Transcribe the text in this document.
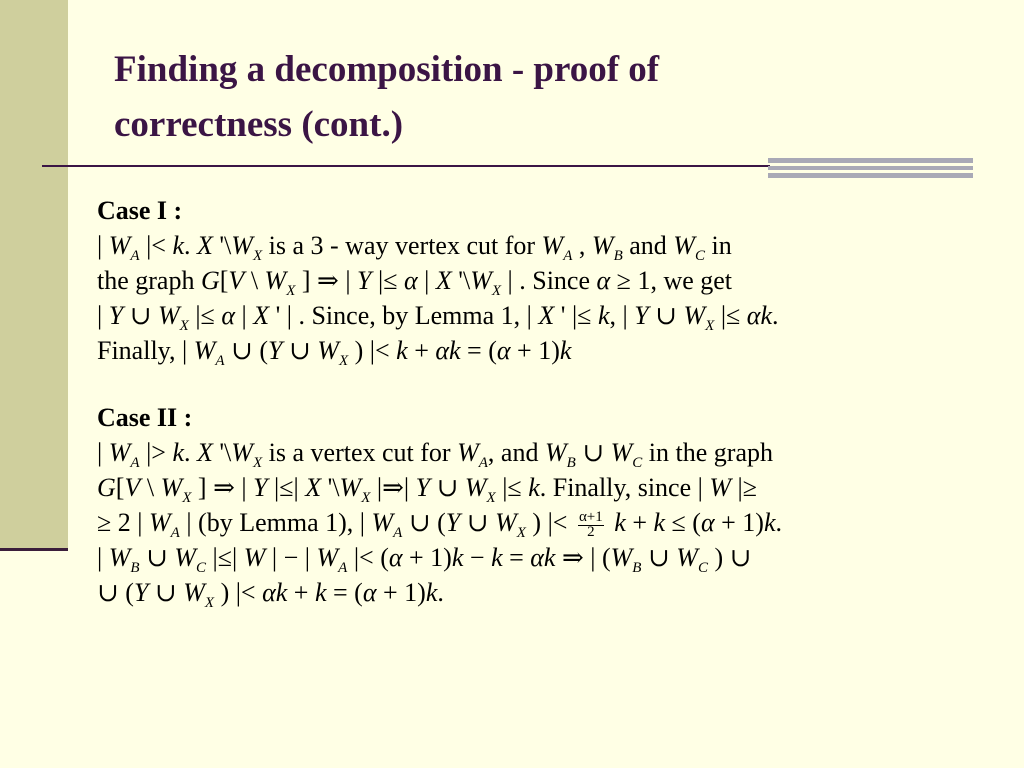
Finding a decomposition - proof of
correctness (cont.)
Case I :
| $W_A$ |< k. X '$\backslash W_X$ is a 3 - way vertex cut for $W_A$ , $W_B$ and $W_C$ in
the graph G[V \ $W_X$ ] ⇒ | Y |≤ α | X '$\backslash W_X$ | . Since α ≥ 1, we get
| Y ∪ $W_X$ |≤ α | X ' | . Since, by Lemma 1, | X ' |≤ k, | Y ∪ $W_X$ |≤ αk.
Finally, | $W_A$ ∪ (Y ∪ $W_X$ ) |< k + αk = (α + 1)k
Case II :
| $W_A$ |> k. X '$\backslash W_X$ is a vertex cut for $W_A$, and $W_B$ ∪ $W_C$ in the graph
G[V \ $W_X$ ] ⇒ | Y |≤| X '$\backslash W_X$ |⇒| Y ∪ $W_X$ |≤ k. Finally, since | W |≥
≥ 2 | $W_A$ | (by Lemma 1), | $W_A$ ∪ (Y ∪ $W_X$ ) |< $\frac{\alpha+1}{2}$ k + k ≤ (α + 1)k.
| $W_B$ ∪ $W_C$ |≤| W | − | $W_A$ |< (α + 1)k − k = αk ⇒ | ($W_B$ ∪ $W_C$ ) ∪
∪ (Y ∪ $W_X$ ) |< αk + k = (α + 1)k.
